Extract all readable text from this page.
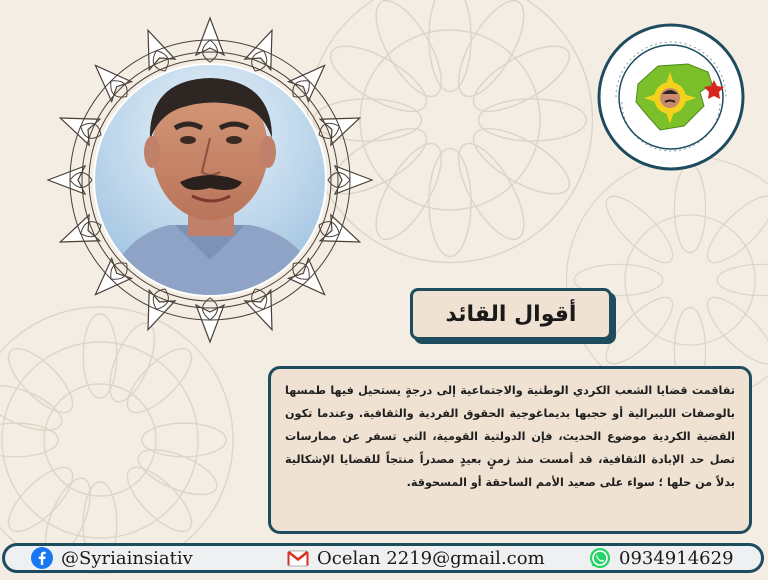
أقوال القائد

تفاقمت قضايا الشعب الكردي الوطنية والاجتماعية إلى درجةٍ يستحيل فيها طمسها بالوصفات الليبرالية أو حجبها بديماغوجية الحقوق الفردية والثقافية. وعندما تكون القضية الكردية موضوع الحديث، فإن الدولتية القومية، التي تسفر عن ممارسات تصل حد الإبادة الثقافية، قد أمست منذ زمنٍ بعيدٍ مصدراً منتجاً للقضايا الإشكالية بدلاً من حلها ؛ سواء على صعيد الأمم الساحقة أو المسحوقة.

@Syriainsiativ	Ocelan 2219@gmail.com	0934914629
